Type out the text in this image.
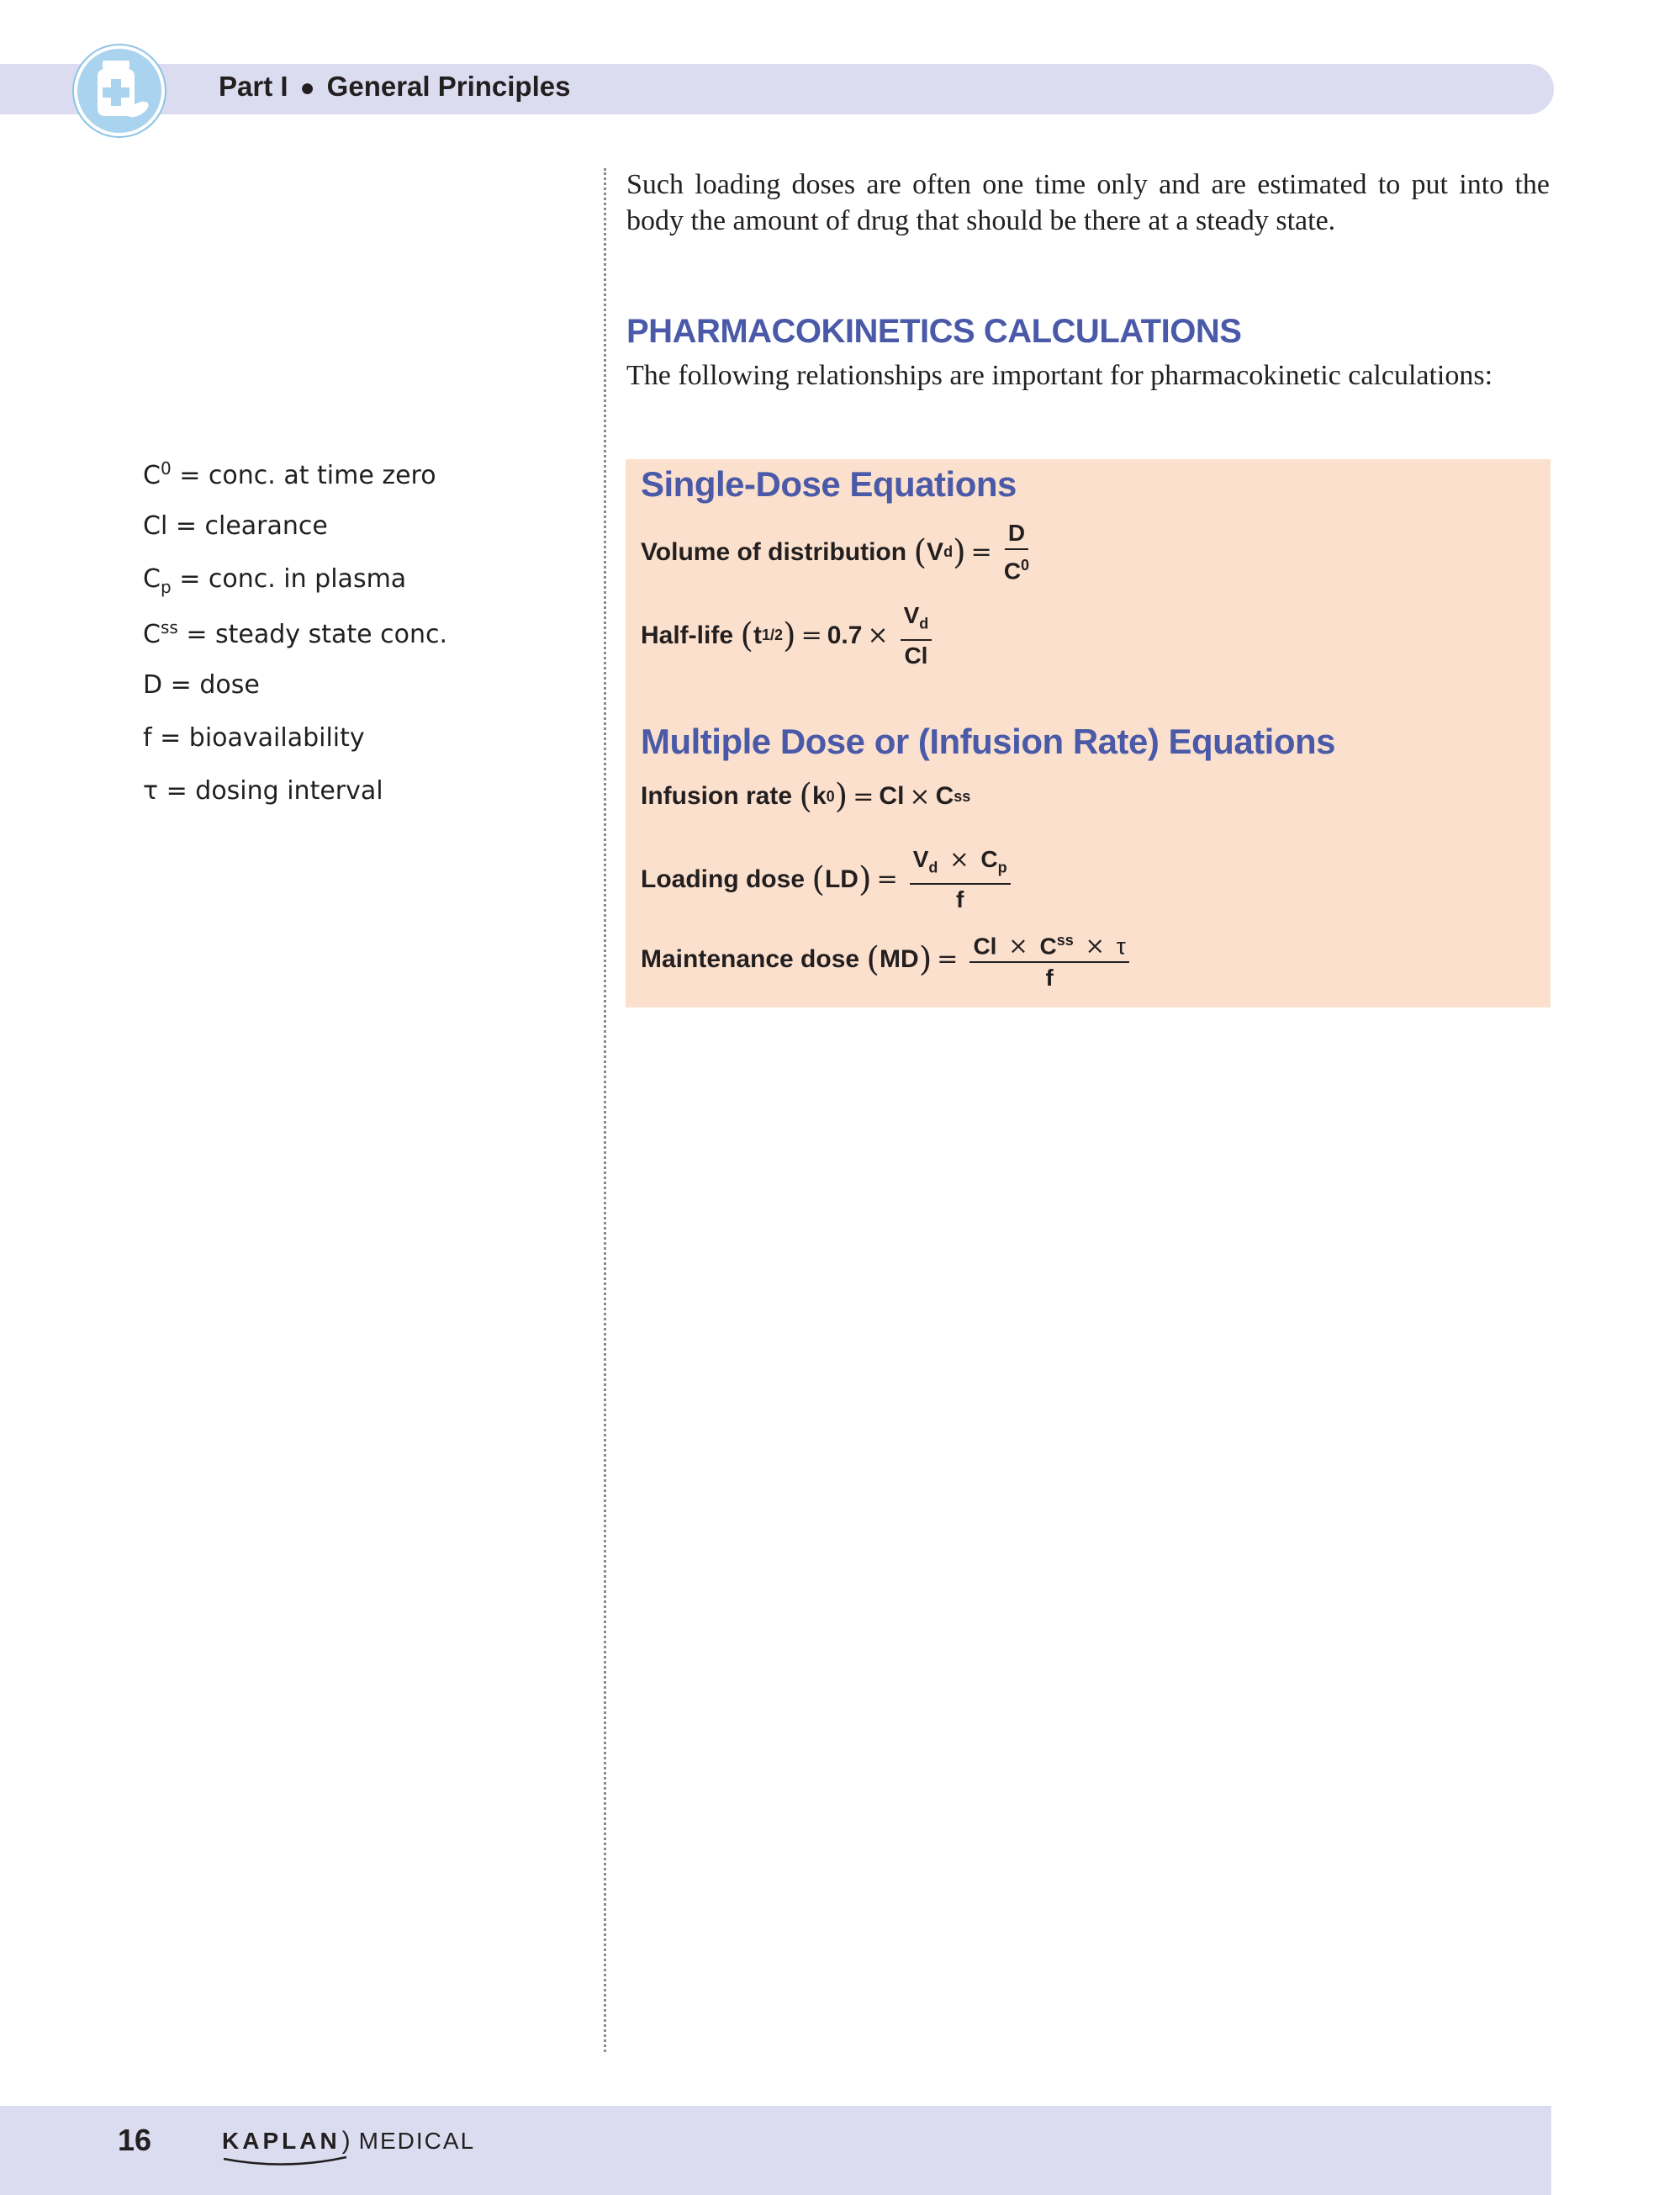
Part I ● General Principles
$C^0$ = conc. at time zero
Cl = clearance
$C_p$ = conc. in plasma
$C^{ss}$ = steady state conc.
D = dose
f = bioavailability
τ = dosing interval

Such loading doses are often one time only and are estimated to put into the body the amount of drug that should be there at a steady state.

PHARMACOKINETICS CALCULATIONS

The following relationships are important for pharmacokinetic calculations:

Single-Dose Equations
Volume of distribution
( V d ) = $\frac{D}{C^0}$
Half-life
( t 1/2 ) = $0.7 \times \frac{V_d}{Cl}$
Multiple Dose or (Infusion Rate) Equations
Infusion rate
( k 0 ) = Cl × C ss
Loading dose
( LD ) = $\frac{V_d \times C_p}{f}$
Maintenance dose
( MD ) = $\frac{Cl \times C^{ss} \times \tau}{f}$
16	KAPLAN) MEDICAL
